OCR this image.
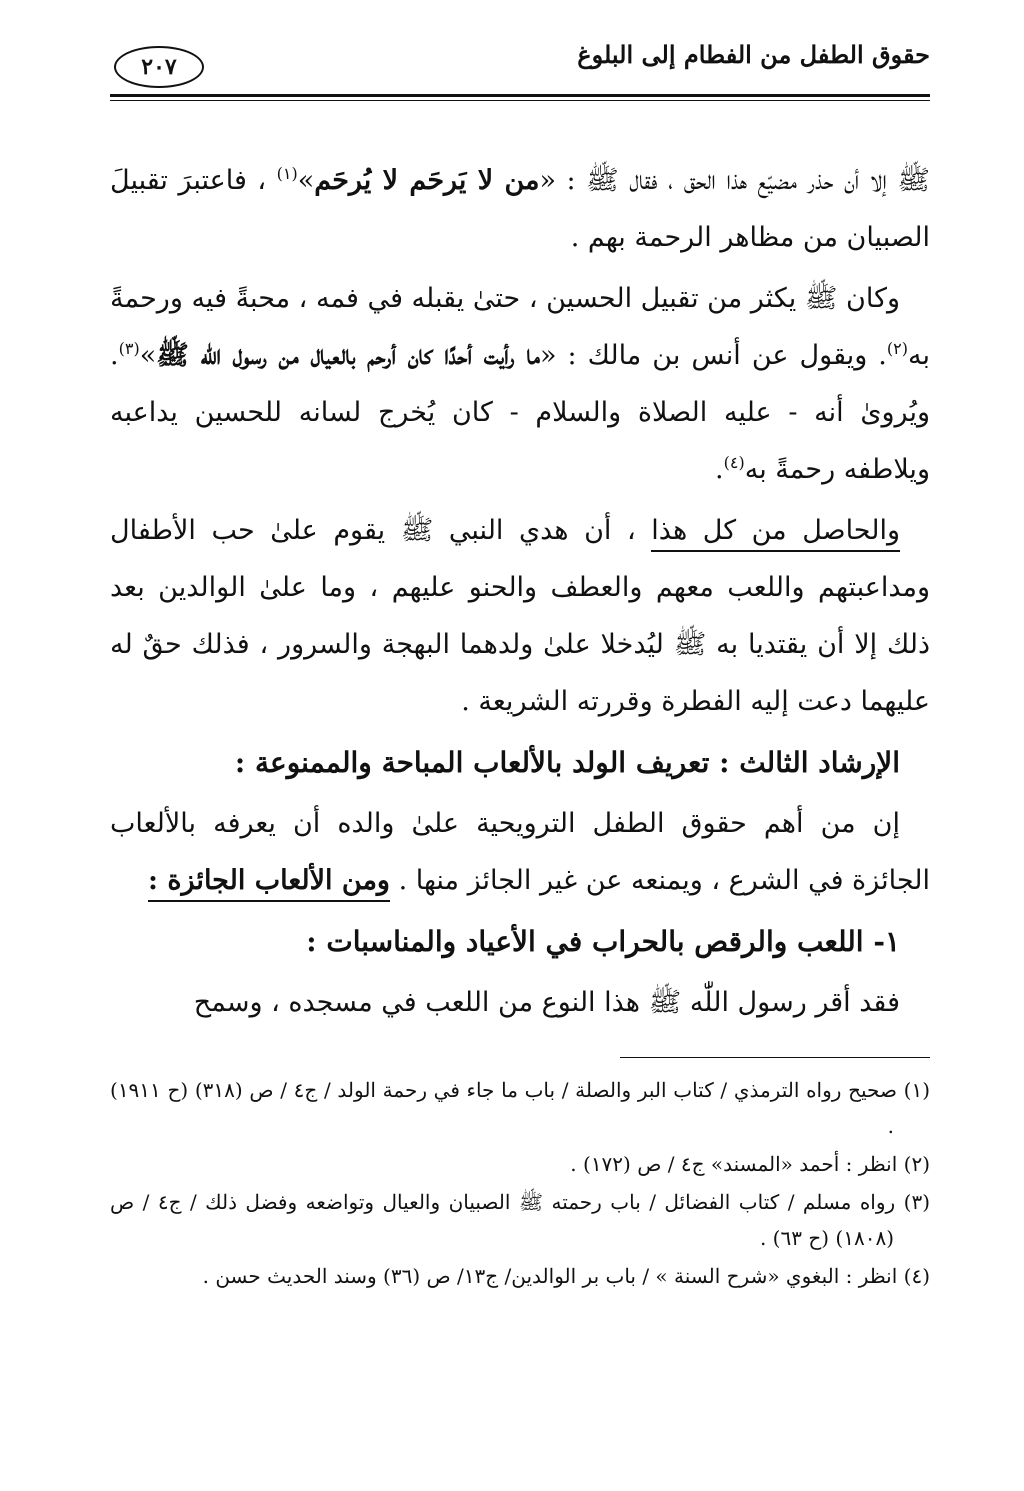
حقوق الطفل من الفطام إلى البلوغ
٢٠٧

ﷺ إلا أن حذر مضيّع هذا الحق ، فقال ﷺ : «من لا يَرحَم لا يُرحَم»$^{(١)}$ ، فاعتبرَ تقبيلَ الصبيان من مظاهر الرحمة بهم .

وكان ﷺ يكثر من تقبيل الحسين ، حتىٰ يقبله في فمه ، محبةً فيه ورحمةً به$^{(٢)}$. ويقول عن أنس بن مالك : «ما رأيت أحدًا كان أرحم بالعيال من رسول اللّٰه ﷺ»$^{(٣)}$. ويُروىٰ أنه - عليه الصلاة والسلام - كان يُخرج لسانه للحسين يداعبه ويلاطفه رحمةً به$^{(٤)}$.

والحاصل من كل هذا ، أن هدي النبي ﷺ يقوم علىٰ حب الأطفال ومداعبتهم واللعب معهم والعطف والحنو عليهم ، وما علىٰ الوالدين بعد ذلك إلا أن يقتديا به ﷺ ليُدخلا علىٰ ولدهما البهجة والسرور ، فذلك حقٌ له عليهما دعت إليه الفطرة وقررته الشريعة .

الإرشاد الثالث : تعريف الولد بالألعاب المباحة والممنوعة :

إن من أهم حقوق الطفل الترويحية علىٰ والده أن يعرفه بالألعاب الجائزة في الشرع ، ويمنعه عن غير الجائز منها . ومن الألعاب الجائزة :

١- اللعب والرقص بالحراب في الأعياد والمناسبات :

فقد أقر رسول اللّٰه ﷺ هذا النوع من اللعب في مسجده ، وسمح

(١) صحيح رواه الترمذي / كتاب البر والصلة / باب ما جاء في رحمة الولد / ج٤ / ص (٣١٨) (ح ١٩١١) .

(٢) انظر : أحمد «المسند» ج٤ / ص (١٧٢) .

(٣) رواه مسلم / كتاب الفضائل / باب رحمته ﷺ الصبيان والعيال وتواضعه وفضل ذلك / ج٤ / ص (١٨٠٨) (ح ٦٣) .

(٤) انظر : البغوي «شرح السنة » / باب بر الوالدين/ ج١٣/ ص (٣٦) وسند الحديث حسن .
